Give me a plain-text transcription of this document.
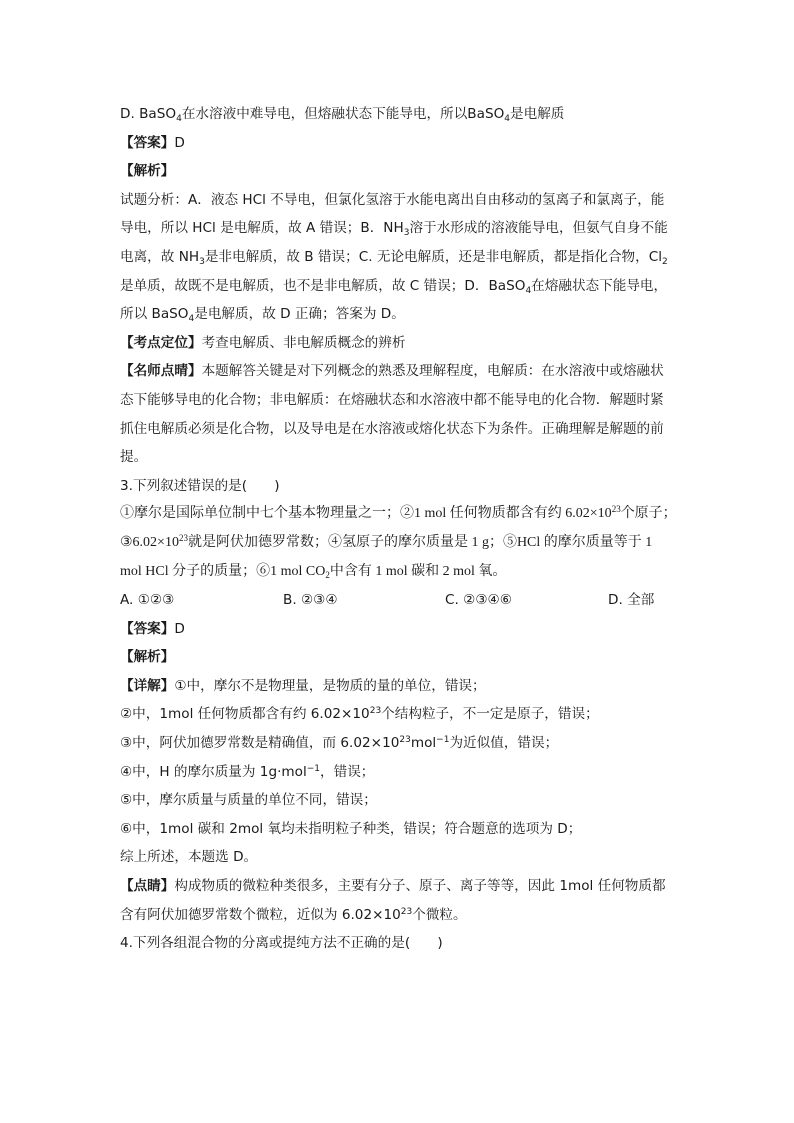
D. BaSO$_4$在水溶液中难导电，但熔融状态下能导电，所以BaSO$_4$是电解质

【答案】D

【解析】

试题分析：A．液态 HCl 不导电，但氯化氢溶于水能电离出自由移动的氢离子和氯离子，能

导电，所以 HCl 是电解质，故 A 错误；B．$NH_3$溶于水形成的溶液能导电，但氨气自身不能

电离，故 $NH_3$是非电解质，故 B 错误；C. 无论电解质，还是非电解质，都是指化合物，$Cl_2$

是单质，故既不是电解质，也不是非电解质，故 C 错误；D．BaSO$_4$在熔融状态下能导电，

所以 BaSO$_4$是电解质，故 D 正确；答案为 D。

【考点定位】考查电解质、非电解质概念的辨析

【名师点晴】本题解答关键是对下列概念的熟悉及理解程度，电解质：在水溶液中或熔融状

态下能够导电的化合物；非电解质：在熔融状态和水溶液中都不能导电的化合物．解题时紧

抓住电解质必须是化合物，以及导电是在水溶液或熔化状态下为条件。正确理解是解题的前

提。

3.下列叙述错误的是(　　)

①摩尔是国际单位制中七个基本物理量之一；②1 mol 任何物质都含有约 $6.02\times 10^{23}$个原子；

$③6.02\times 10^{23}$就是阿伏加德罗常数；④氢原子的摩尔质量是 1 g；⑤HCl 的摩尔质量等于 1

mol HCl 分子的质量；⑥1 mol $CO_2$中含有 1 mol 碳和 2 mol 氧。

A. ①②③	B. ②③④	C. ②③④⑥	D. 全部

【答案】D

【解析】

【详解】①中，摩尔不是物理量，是物质的量的单位，错误；

②中，1mol 任何物质都含有约 $6.02\times 10^{23}$个结构粒子，不一定是原子，错误；

③中，阿伏加德罗常数是精确值，而 $6.02\times 10^{23}mol^{-1}$为近似值，错误；

④中，H 的摩尔质量为 1g·mol$^{-1}$，错误；

⑤中，摩尔质量与质量的单位不同，错误；

⑥中，1mol 碳和 2mol 氧均未指明粒子种类，错误；符合题意的选项为 D；

综上所述，本题选 D。

【点睛】构成物质的微粒种类很多，主要有分子、原子、离子等等，因此 1mol 任何物质都

含有阿伏加德罗常数个微粒，近似为 $6.02\times 10^{23}$个微粒。

4.下列各组混合物的分离或提纯方法不正确的是(　　)
